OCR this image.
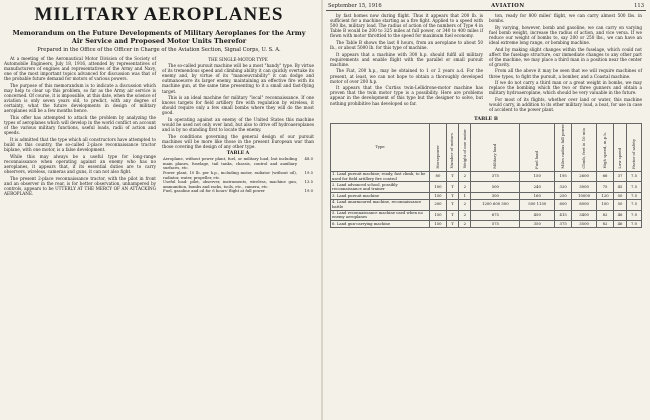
MILITARY AEROPLANES
Memorandum on the Future Developments of Military Aeroplanes for the Army Air Service and Proposed Motor Units Therefor
Prepared in the Office of the Officer in Charge of the Aviation Section, Signal Corps, U. S. A.

At a meeting of the Aeronautical Motor Division of the Society of Automobile Engineers, July 18, 1916, attended by representatives of manufacturers of engines and representatives of the Army and Navy, one of the most important topics advanced for discussion was that of the probable future demand for motors of various powers.

The purpose of this memorandum is to indicate a discussion which may help to clear up this problem, so far as the Army air service is concerned. Of course, it is impossible, at this date, when the science of aviation is only seven years old, to predict, with any degree of certainty, what the future developments in design of military aeroplanes will be a few months hence.

This offer has attempted to attack the problem by analyzing the types of aeroplanes which will develop in the world conflict on account of the various military functions, useful loads, radii of action and speeds.

It is admitted that the type which all constructors have attempted to build in this country, the so-called 2-place reconnaissance tractor biplane, with one motor, is a false development.

While this may always be a useful type for long-range reconnaissance when operating against an enemy who has no aeroplanes, it appears that, if its essential duties are to carry observers, wireless, cameras and guns, it can not also fight.

The present 2-place reconnaissance tractor, with the pilot in front and an observer in the rear, is for better observation, unhampered by controls, appears to be UTTERLY AT THE MERCY OF AN ATTACKING AEROPLANE.

THE SINGLE-MOTOR TYPE

The so-called pursuit machine will be a most "handy" type. By virtue of its tremendous speed and climbing ability it can quickly overtake its enemy and, by virtue of its "manoeuvrability" it can dodge and outmanoeuvre its larger enemy, maintaining an effective fire with its machine gun, at the same time presenting to it a small and fast-flying target.

This is an ideal machine for military "local" reconnaissance. If one knows targets for field artillery fire with regulation by wireless, it should require only a few small bombs where they will do the most good.

In operating against an enemy of the United States this machine would be used not only over land, but also to drive off hydroaeroplanes and is by no standing first to locate the enemy.

The conditions governing the general design of our pursuit machines will be more like those in the present European war than those covering the design of any other type.

TABLE A
Aeroplane, without power plant, fuel, or military load, but including main planes, fuselage, tail tanks, chassis, control and auxiliary surfaces, etc.	48.0
Power plant, 10 lb. per h.p., including motor, radiator (without oil), radiator, water, propeller, etc.	19.5
Useful load: pilot, observer, instruments, wireless, machine gun, ammunition, bombs and racks, tools, etc., camera, etc.	13.5
Fuel, gasoline and oil for 6 hours' flight at full power	19.0
September 15, 1916	AVIATION	113

by fast homes now during flight. Thus it appears that 200 lb. is sufficient for a machine starting as a fire fight. Applied to a speed with 500 lbs, military load. The radius of action of the numbers of Type 4 in Table B would be 200 to 325 miles at full power, or 340 to 400 miles if flown with motor throttled to the speed for maximum fuel economy.

The Table B shows the last 8 hours, from an aeroplane to about 50 lb., or about 5000 lb. for this type of machine.

It appears that a machine with 300 h.p. should fulfil all military requirements and enable flight with the parallel or small pursuit machine.

The Fiat, 200 h.p., may be obtained to 1 or 2 years a.d. For the present, at least, we can not hope to obtain a thoroughly developed motor of over 200 h.p.

It appears that the Curtiss twin-Lellidrone-motor machine has proven that the twin motor type is a possibility. Here are problems appear in the development of this type but the designer to solve, but nothing prohibitive has developed so far.

ton, ready for 800 miles' flight, we can carry almost 500 lbs. in bombs.

By varying, however, bomb and gasoline, we can carry on varying fuel bomb weight, increase the radius of action, and vice versa. If we reduce our weight of bombs to, say 200 or 250 lbs., we can have an ideal extreme long range, or bombing machine.

And by making slight changes within the fuselage, which could not affect the fuselage structure, our immediate changes to any other part of the machine, we may place a third man in a position near the center of gravity.

From all the above it may be seen that we will require machines of three types, to fight the pursuit, a bomber, and a Coastal machine.

If we do not carry a third man or a great weight in bombs, we may replace the bombing which the two or three gunners and obtain a military hydroaeroplane, which should be very valuable in the future.

For most of its flights, whether over land or water, this machine would carry, in addition to its other military load, a boat, for use in case of accident to the power plant.

TABLE B
Type	Horsepower	Number of motors	Weight of one motor	Military load	Fuel load	Miles radius full power	Climb, feet in 10 min	High speed, m.p.h.	Low speed	Factor of safety
1. Land pursuit machine; ready, fast climb, to be used for field artillery fire control	80	T	2	375	150	195	2600	66	37	7.5
2. Land advanced school, possibly reconnaissance and trainer	100	T	2	500	240	320	3000	75	45	7.5
3. Land pursuit machine	150	T	1	300	160	250	10000	120	50	7.5
4. Land unarmoured machine, reconnaissance battle	200	T	2	1200 600 500	500 1150	600	8000	100	50	7.5
5. Land reconnaissance machine used when no enemy aeroplanes	150	T	2	675	450	415	3400	82	46	7.0
6. Land gun-carrying machine	150	T	2	575	350	375	3500	82	46	7.0
